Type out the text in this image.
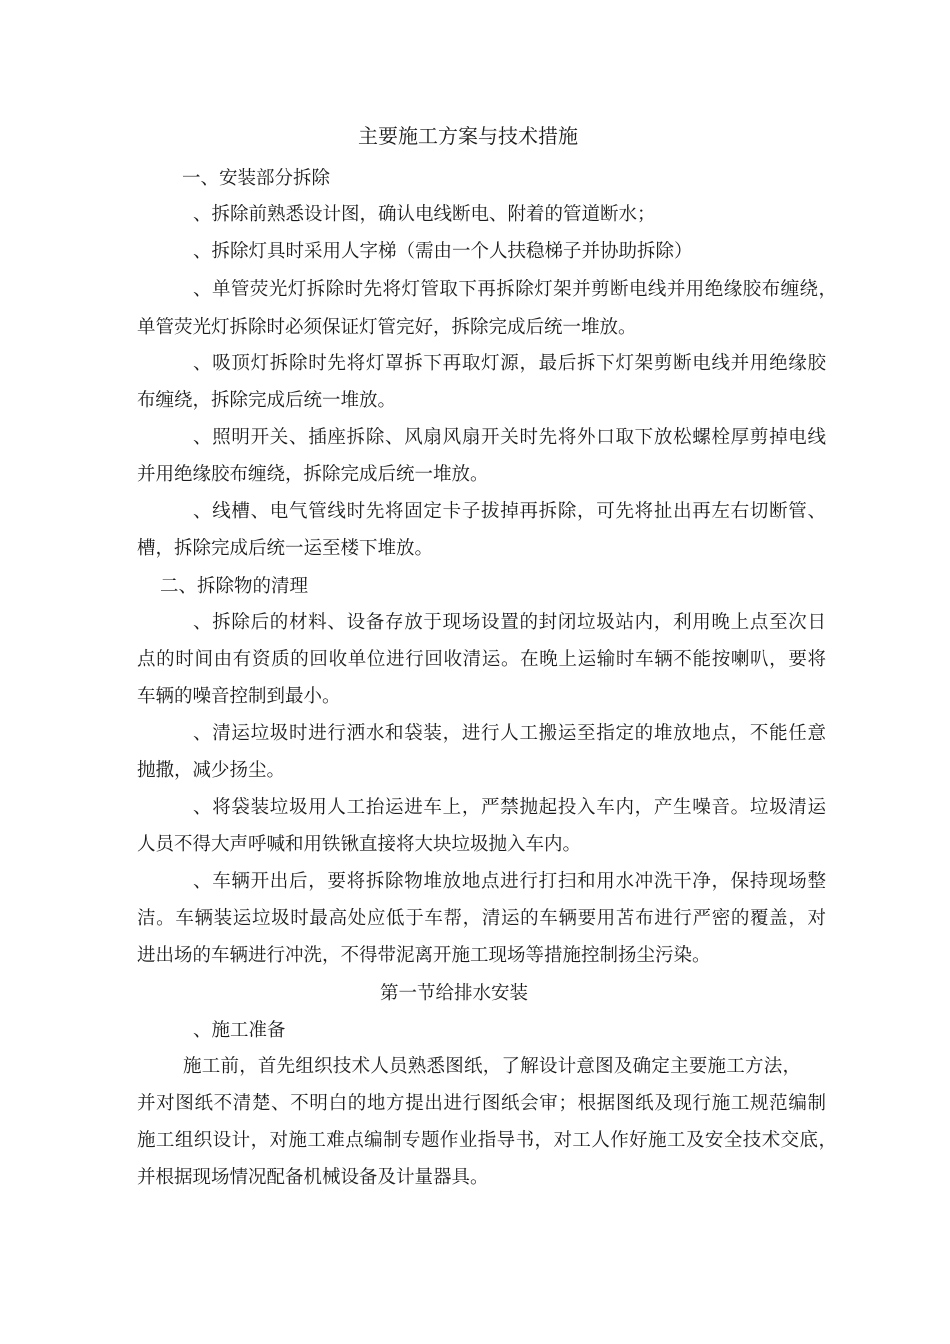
主要施工方案与技术措施

一、安装部分拆除

、拆除前熟悉设计图，确认电线断电、附着的管道断水；

、拆除灯具时采用人字梯（需由一个人扶稳梯子并协助拆除）

、单管荧光灯拆除时先将灯管取下再拆除灯架并剪断电线并用绝缘胶布缠绕，

单管荧光灯拆除时必须保证灯管完好，拆除完成后统一堆放。

、吸顶灯拆除时先将灯罩拆下再取灯源，最后拆下灯架剪断电线并用绝缘胶

布缠绕，拆除完成后统一堆放。

、照明开关、插座拆除、风扇风扇开关时先将外口取下放松螺栓厚剪掉电线

并用绝缘胶布缠绕，拆除完成后统一堆放。

、线槽、电气管线时先将固定卡子拔掉再拆除，可先将扯出再左右切断管、

槽，拆除完成后统一运至楼下堆放。

二、拆除物的清理

、拆除后的材料、设备存放于现场设置的封闭垃圾站内，利用晚上点至次日

点的时间由有资质的回收单位进行回收清运。在晚上运输时车辆不能按喇叭，要将

车辆的噪音控制到最小。

、清运垃圾时进行洒水和袋装，进行人工搬运至指定的堆放地点，不能任意

抛撒，减少扬尘。

、将袋装垃圾用人工抬运进车上，严禁抛起投入车内，产生噪音。垃圾清运

人员不得大声呼喊和用铁锹直接将大块垃圾抛入车内。

、车辆开出后，要将拆除物堆放地点进行打扫和用水冲洗干净，保持现场整

洁。车辆装运垃圾时最高处应低于车帮，清运的车辆要用苫布进行严密的覆盖，对

进出场的车辆进行冲洗，不得带泥离开施工现场等措施控制扬尘污染。

第一节给排水安装

、施工准备

施工前，首先组织技术人员熟悉图纸，了解设计意图及确定主要施工方法，

并对图纸不清楚、不明白的地方提出进行图纸会审；根据图纸及现行施工规范编制

施工组织设计，对施工难点编制专题作业指导书，对工人作好施工及安全技术交底，

并根据现场情况配备机械设备及计量器具。
